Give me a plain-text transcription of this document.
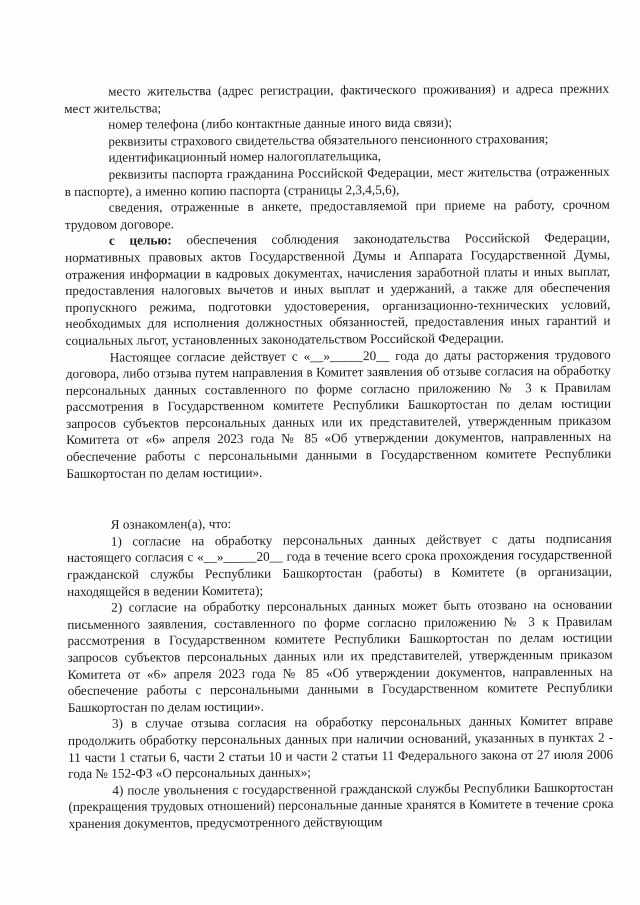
место жительства (адрес регистрации, фактического проживания) и адреса прежних мест жительства;

номер телефона (либо контактные данные иного вида связи);

реквизиты страхового свидетельства обязательного пенсионного страхования;

идентификационный номер налогоплательщика,

реквизиты паспорта гражданина Российской Федерации, мест жительства (отраженных в паспорте), а именно копию паспорта (страницы 2,3,4,5,6),

сведения, отраженные в анкете, предоставляемой при приеме на работу, срочном трудовом договоре.

с целью: обеспечения соблюдения законодательства Российской Федерации, нормативных правовых актов Государственной Думы и Аппарата Государственной Думы, отражения информации в кадровых документах, начисления заработной платы и иных выплат, предоставления налоговых вычетов и иных выплат и удержаний, а также для обеспечения пропускного режима, подготовки удостоверения, организационно-технических условий, необходимых для исполнения должностных обязанностей, предоставления иных гарантий и социальных льгот, установленных законодательством Российской Федерации.

Настоящее согласие действует с «__»_____20__ года до даты расторжения трудового договора, либо отзыва путем направления в Комитет заявления об отзыве согласия на обработку персональных данных составленного по форме согласно приложению № 3 к Правилам рассмотрения в Государственном комитете Республики Башкортостан по делам юстиции запросов субъектов персональных данных или их представителей, утвержденным приказом Комитета от «6» апреля 2023 года № 85 «Об утверждении документов, направленных на обеспечение работы с персональными данными в Государственном комитете Республики Башкортостан по делам юстиции».

Я ознакомлен(а), что:

1) согласие на обработку персональных данных действует с даты подписания настоящего согласия с «__»_____20__ года в течение всего срока прохождения государственной гражданской службы Республики Башкортостан (работы) в Комитете (в организации, находящейся в ведении Комитета);

2) согласие на обработку персональных данных может быть отозвано на основании письменного заявления, составленного по форме согласно приложению № 3 к Правилам рассмотрения в Государственном комитете Республики Башкортостан по делам юстиции запросов субъектов персональных данных или их представителей, утвержденным приказом Комитета от «6» апреля 2023 года № 85 «Об утверждении документов, направленных на обеспечение работы с персональными данными в Государственном комитете Республики Башкортостан по делам юстиции».

3) в случае отзыва согласия на обработку персональных данных Комитет вправе продолжить обработку персональных данных при наличии оснований, указанных в пунктах 2 - 11 части 1 статьи 6, части 2 статьи 10 и части 2 статьи 11 Федерального закона от 27 июля 2006 года № 152-ФЗ «О персональных данных»;

4) после увольнения с государственной гражданской службы Республики Башкортостан (прекращения трудовых отношений) персональные данные хранятся в Комитете в течение срока хранения документов, предусмотренного действующим
